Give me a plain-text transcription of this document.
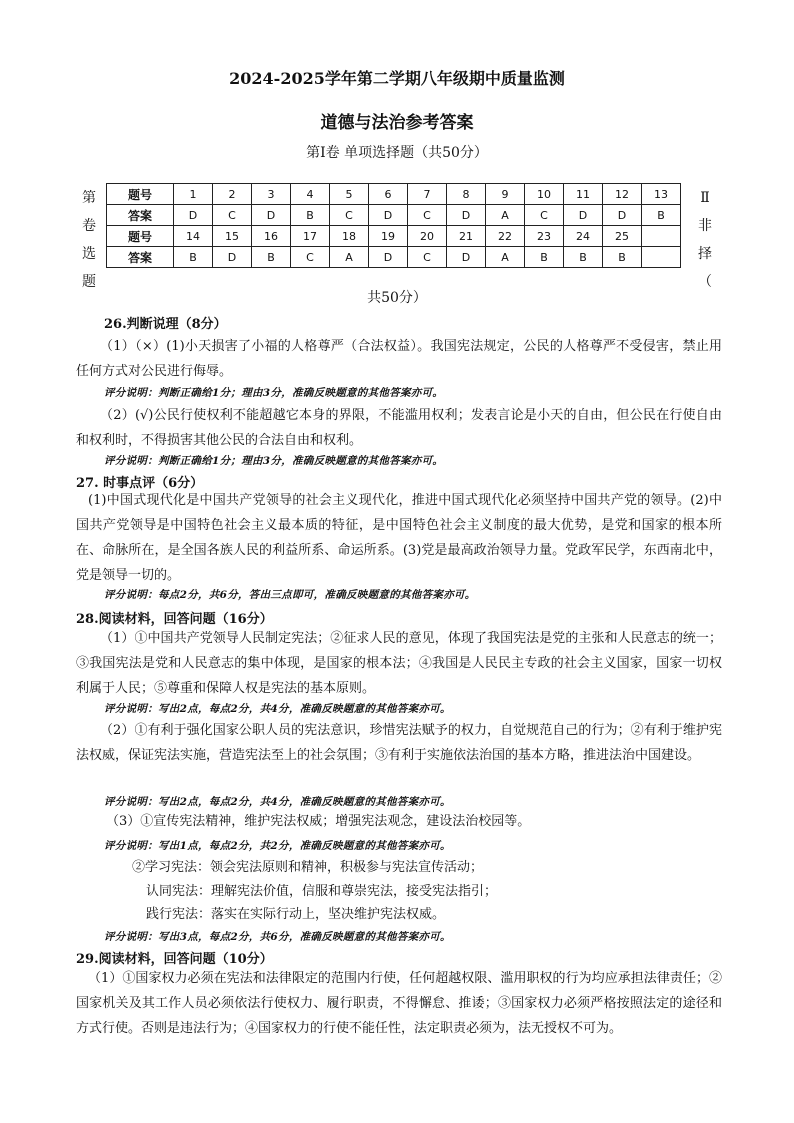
2024-2025学年第二学期八年级期中质量监测
道德与法治参考答案
第Ⅰ卷 单项选择题（共50分）
第
卷
选
题
Ⅱ
非
择
（
题号	1	2	3	4	5	6	7	8	9	10	11	12	13
答案	D	C	D	B	C	D	C	D	A	C	D	D	B
题号	14	15	16	17	18	19	20	21	22	23	24	25	
答案	B	D	B	C	A	D	C	D	A	B	B	B	
共50分）
26.判断说理（8分）
（1）（×）(1)小天损害了小福的人格尊严（合法权益）。我国宪法规定，公民的人格尊严不受侵害，禁止用任何方式对公民进行侮辱。
评分说明：判断正确给1分；理由3分，准确反映题意的其他答案亦可。
（2）(√)公民行使权利不能超越它本身的界限，不能滥用权利；发表言论是小天的自由，但公民在行使自由和权利时，不得损害其他公民的合法自由和权利。
评分说明：判断正确给1分；理由3分，准确反映题意的其他答案亦可。
27. 时事点评（6分）
(1)中国式现代化是中国共产党领导的社会主义现代化，推进中国式现代化必须坚持中国共产党的领导。(2)中国共产党领导是中国特色社会主义最本质的特征，是中国特色社会主义制度的最大优势，是党和国家的根本所在、命脉所在，是全国各族人民的利益所系、命运所系。(3)党是最高政治领导力量。党政军民学，东西南北中，党是领导一切的。
评分说明：每点2分，共6分，答出三点即可，准确反映题意的其他答案亦可。
28.阅读材料，回答问题（16分）
（1）①中国共产党领导人民制定宪法；②征求人民的意见，体现了我国宪法是党的主张和人民意志的统一；③我国宪法是党和人民意志的集中体现，是国家的根本法；④我国是人民民主专政的社会主义国家，国家一切权利属于人民；⑤尊重和保障人权是宪法的基本原则。
评分说明：写出2点，每点2分，共4分，准确反映题意的其他答案亦可。
（2）①有利于强化国家公职人员的宪法意识，珍惜宪法赋予的权力，自觉规范自己的行为；②有利于维护宪法权威，保证宪法实施，营造宪法至上的社会氛围；③有利于实施依法治国的基本方略，推进法治中国建设。
评分说明：写出2点，每点2分，共4分，准确反映题意的其他答案亦可。
（3）①宣传宪法精神，维护宪法权威；增强宪法观念，建设法治校园等。
评分说明：写出1点，每点2分，共2分，准确反映题意的其他答案亦可。
②学习宪法：领会宪法原则和精神，积极参与宪法宣传活动；
认同宪法：理解宪法价值，信服和尊崇宪法，接受宪法指引；
践行宪法：落实在实际行动上，坚决维护宪法权威。
评分说明：写出3点，每点2分，共6分，准确反映题意的其他答案亦可。
29.阅读材料，回答问题（10分）
（1）①国家权力必须在宪法和法律限定的范围内行使，任何超越权限、滥用职权的行为均应承担法律责任；②国家机关及其工作人员必须依法行使权力、履行职责，不得懈怠、推诿；③国家权力必须严格按照法定的途径和方式行使。否则是违法行为；④国家权力的行使不能任性，法定职责必须为，法无授权不可为。
